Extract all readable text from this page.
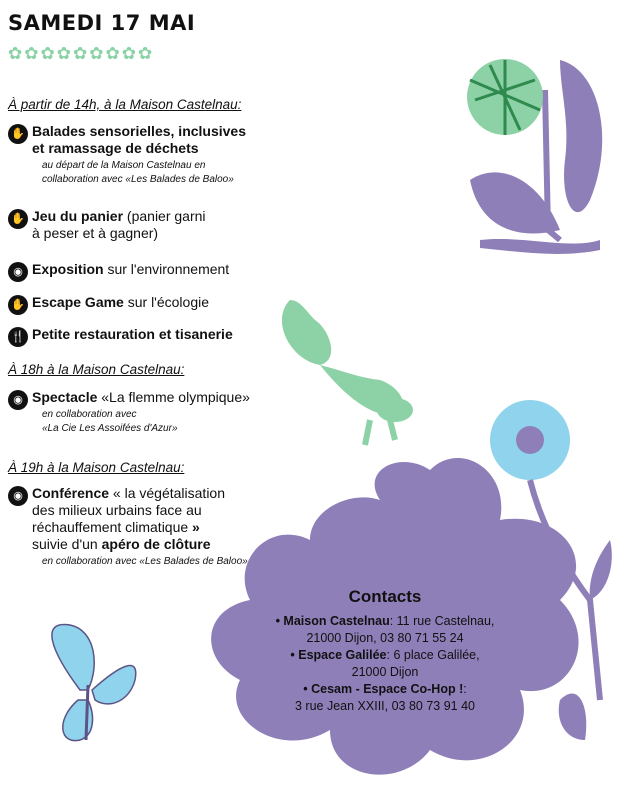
SAMEDI 17 MAI
✿ ✿ ✿ ✿ ✿ ✿ ✿ ✿ ✿

À partir de 14h, à la Maison Castelnau:

✋ Balades sensorielles, inclusives
et ramassage de déchets
au départ de la Maison Castelnau en
collaboration avec «Les Balades de Baloo»
✋ Jeu du panier (panier garni
à peser et à gagner)
◉ Exposition sur l'environnement
✋ Escape Game sur l'écologie
🍴 Petite restauration et tisanerie

À 18h à la Maison Castelnau:

◉ Spectacle «La flemme olympique»
en collaboration avec
«La Cie Les Assoifées d'Azur»

À 19h à la Maison Castelnau:

◉ Conférence « la végétalisation
des milieux urbains face au
réchauffement climatique »
suivie d'un apéro de clôture
en collaboration avec «Les Balades de Baloo»
Contacts

• Maison Castelnau: 11 rue Castelnau,

21000 Dijon, 03 80 71 55 24

• Espace Galilée: 6 place Galilée,

21000 Dijon

• Cesam - Espace Co-Hop !:

3 rue Jean XXIII, 03 80 73 91 40
